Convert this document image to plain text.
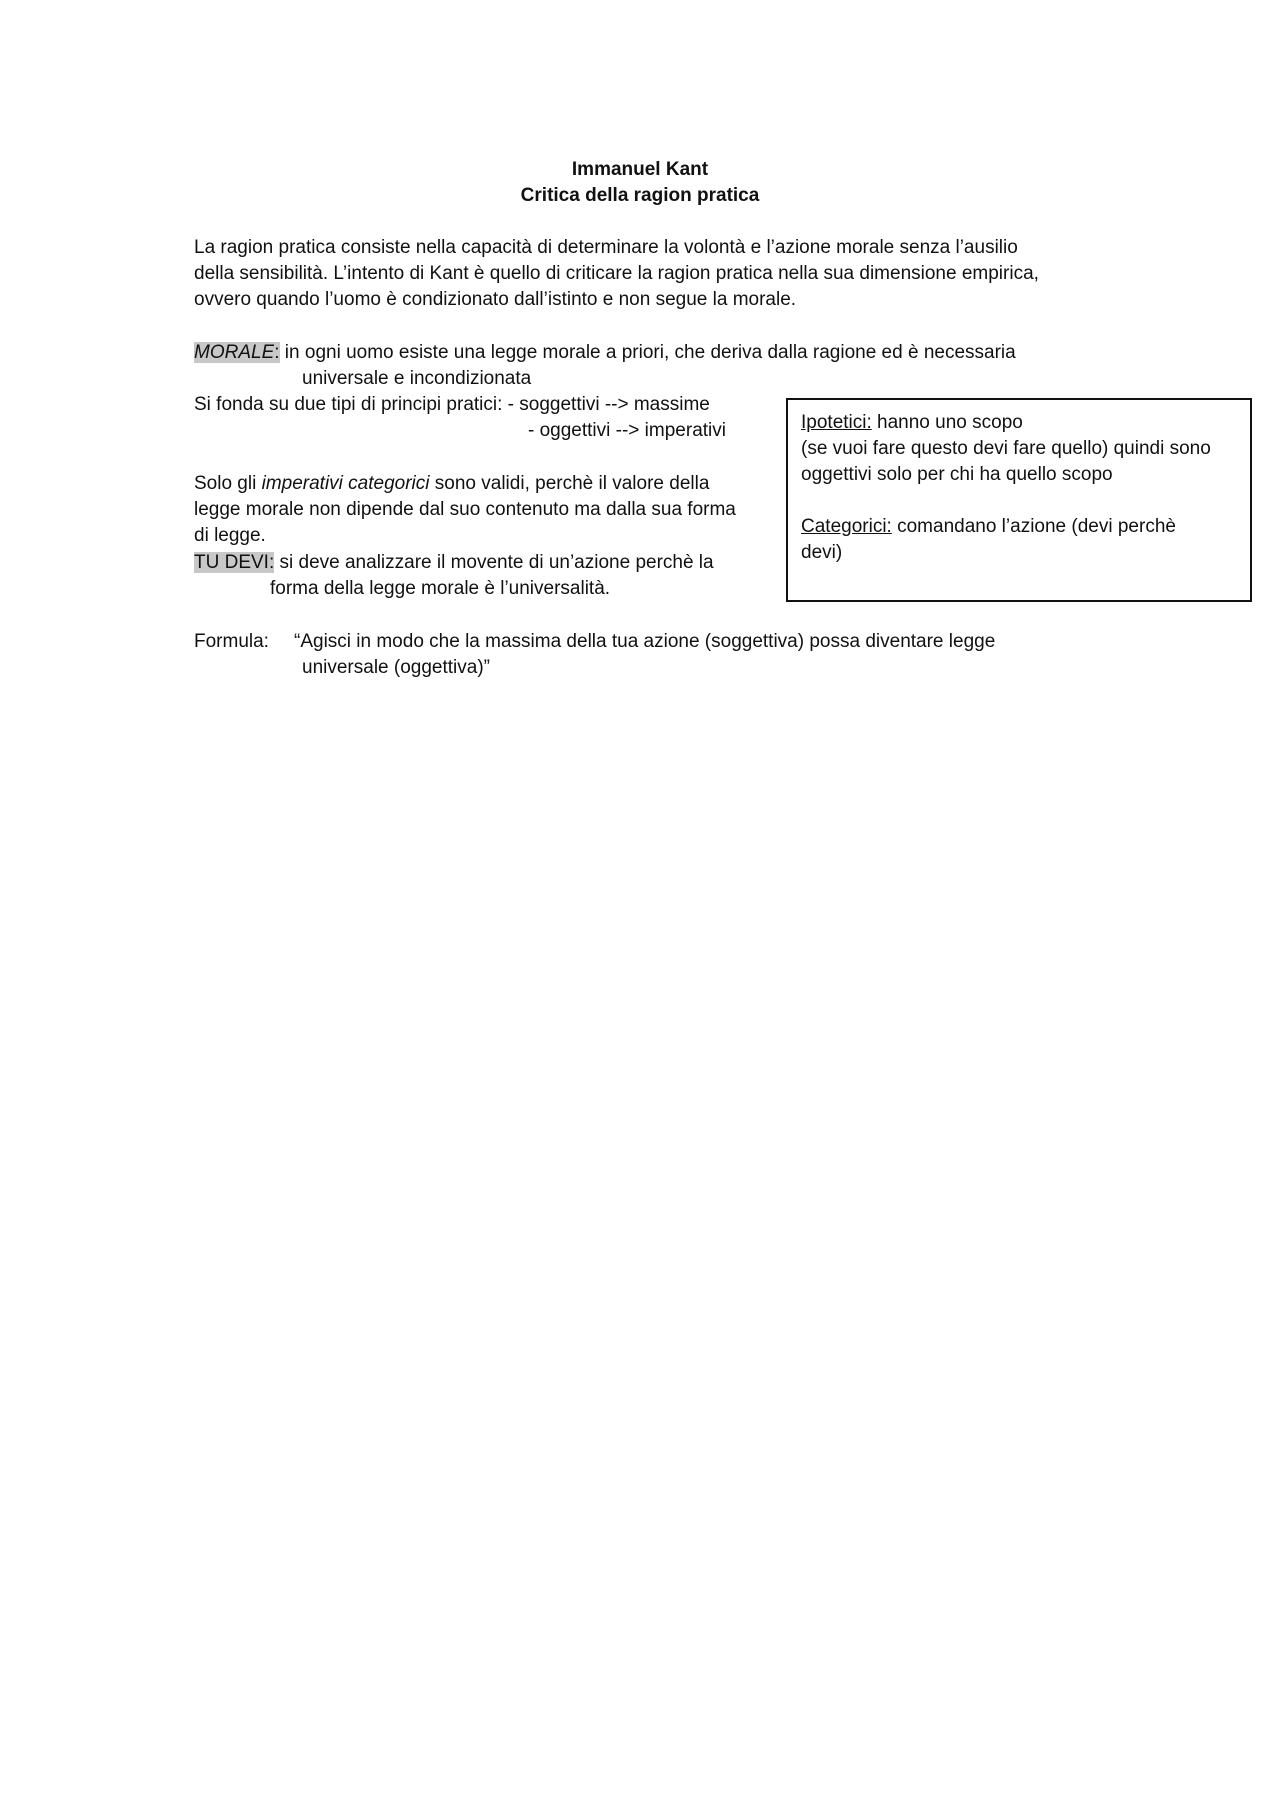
Immanuel Kant
Critica della ragion pratica
La ragion pratica consiste nella capacità di determinare la volontà e l’azione morale senza l’ausilio
della sensibilità. L’intento di Kant è quello di criticare la ragion pratica nella sua dimensione empirica,
ovvero quando l’uomo è condizionato dall’istinto e non segue la morale.
MORALE: in ogni uomo esiste una legge morale a priori, che deriva dalla ragione ed è necessaria
universale e incondizionata
Si fonda su due tipi di principi pratici: - soggettivi --> massime
- oggettivi --> imperativi
Solo gli imperativi categorici sono validi, perchè il valore della
legge morale non dipende dal suo contenuto ma dalla sua forma
di legge.
TU DEVI: si deve analizzare il movente di un’azione perchè la
forma della legge morale è l’universalità.
Formula: “Agisci in modo che la massima della tua azione (soggettiva) possa diventare legge
universale (oggettiva)”
Ipotetici: hanno uno scopo
(se vuoi fare questo devi fare quello) quindi sono
oggettivi solo per chi ha quello scopo
Categorici: comandano l’azione (devi perchè
devi)
